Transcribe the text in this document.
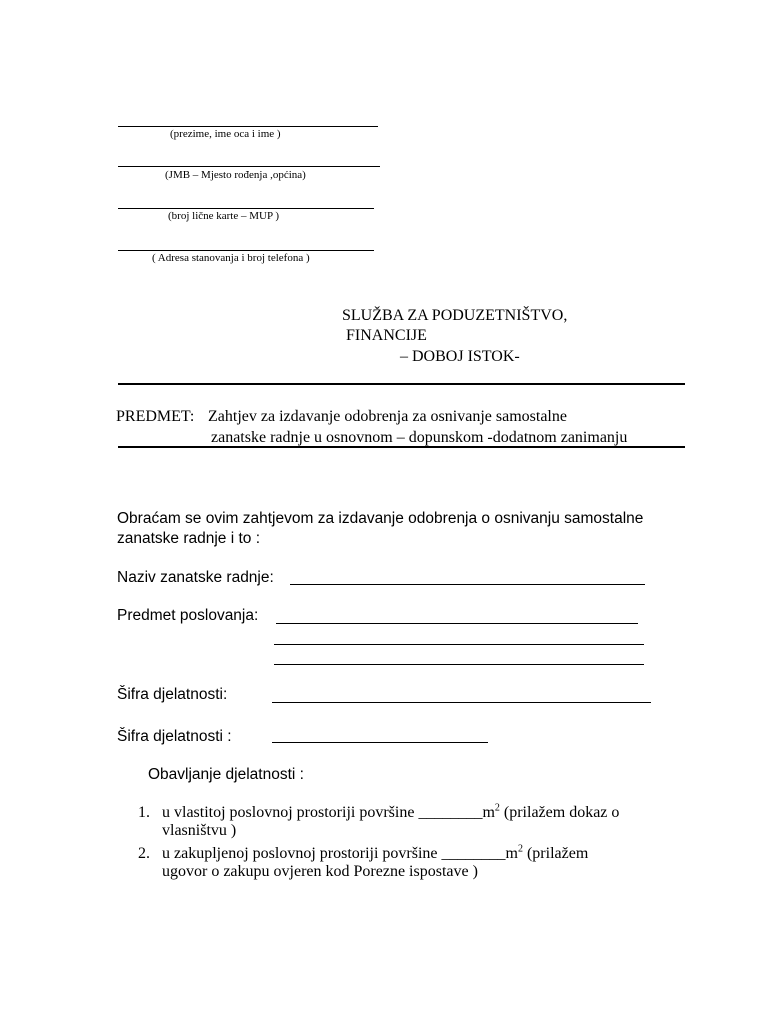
(prezime, ime oca i ime )
(JMB – Mjesto rođenja ,općina)
(broj lične karte – MUP )
( Adresa stanovanja i broj telefona )
SLUŽBA ZA PODUZETNIŠTVO,
FINANCIJE
– DOBOJ ISTOK-
PREDMET: Zahtjev za izdavanje odobrenja za osnivanje samostalne
zanatske radnje u osnovnom – dopunskom -dodatnom zanimanju
Obraćam se ovim zahtjevom za izdavanje odobrenja o osnivanju samostalne
zanatske radnje i to :
Naziv zanatske radnje:
Predmet poslovanja:
Šifra djelatnosti:
Šifra djelatnosti :
Obavljanje djelatnosti :
1. u vlastitoj poslovnoj prostoriji površine $\_\_\_\_\_\_\_\_m^2$ (prilažem dokaz o
vlasništvu )
2. u zakupljenoj poslovnoj prostoriji površine $\_\_\_\_\_\_\_\_m^2$ (prilažem
ugovor o zakupu ovjeren kod Porezne ispostave )
